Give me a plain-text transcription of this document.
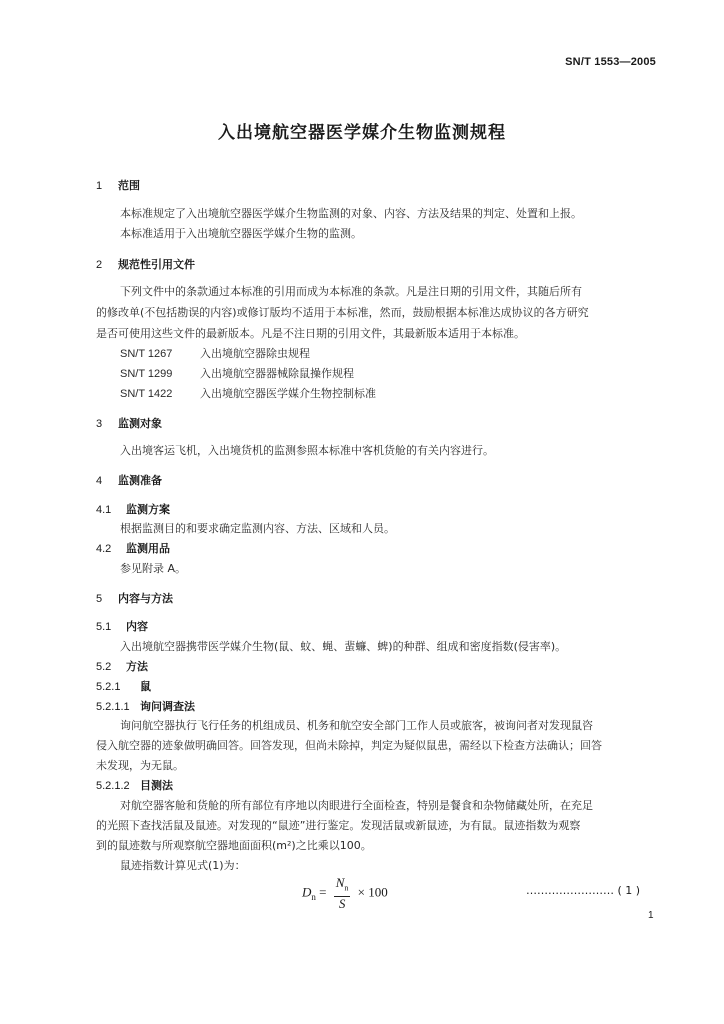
SN/T 1553—2005
入出境航空器医学媒介生物监测规程
1 范围
本标准规定了入出境航空器医学媒介生物监测的对象、内容、方法及结果的判定、处置和上报。
本标准适用于入出境航空器医学媒介生物的监测。
2 规范性引用文件
下列文件中的条款通过本标准的引用而成为本标准的条款。凡是注日期的引用文件，其随后所有
的修改单(不包括勘误的内容)或修订版均不适用于本标准，然而，鼓励根据本标准达成协议的各方研究
是否可使用这些文件的最新版本。凡是不注日期的引用文件，其最新版本适用于本标准。
SN/T 1267	入出境航空器除虫规程
SN/T 1299	入出境航空器器械除鼠操作规程
SN/T 1422	入出境航空器医学媒介生物控制标准
3 监测对象
入出境客运飞机，入出境货机的监测参照本标准中客机货舱的有关内容进行。
4 监测准备
4.1 监测方案
根据监测目的和要求确定监测内容、方法、区域和人员。
4.2 监测用品
参见附录 A。
5 内容与方法
5.1 内容
入出境航空器携带医学媒介生物(鼠、蚊、蝇、蜚蠊、蜱)的种群、组成和密度指数(侵害率)。
5.2 方法
5.2.1 鼠
5.2.1.1 询问调查法
询问航空器执行飞行任务的机组成员、机务和航空安全部门工作人员或旅客，被询问者对发现鼠咨
侵入航空器的迹象做明确回答。回答发现，但尚未除掉，判定为疑似鼠患，需经以下检查方法确认；回答
未发现，为无鼠。
5.2.1.2 目测法
对航空器客舱和货舱的所有部位有序地以肉眼进行全面检查，特别是餐食和杂物储藏处所，在充足
的光照下查找活鼠及鼠迹。对发现的“鼠迹”进行鉴定。发现活鼠或新鼠迹，为有鼠。鼠迹指数为观察
到的鼠迹数与所观察航空器地面面积(m²)之比乘以100。
鼠迹指数计算见式(1)为：
$D_n = \frac{N_n}{S} \times 100$	…………………… ( 1 )
1
